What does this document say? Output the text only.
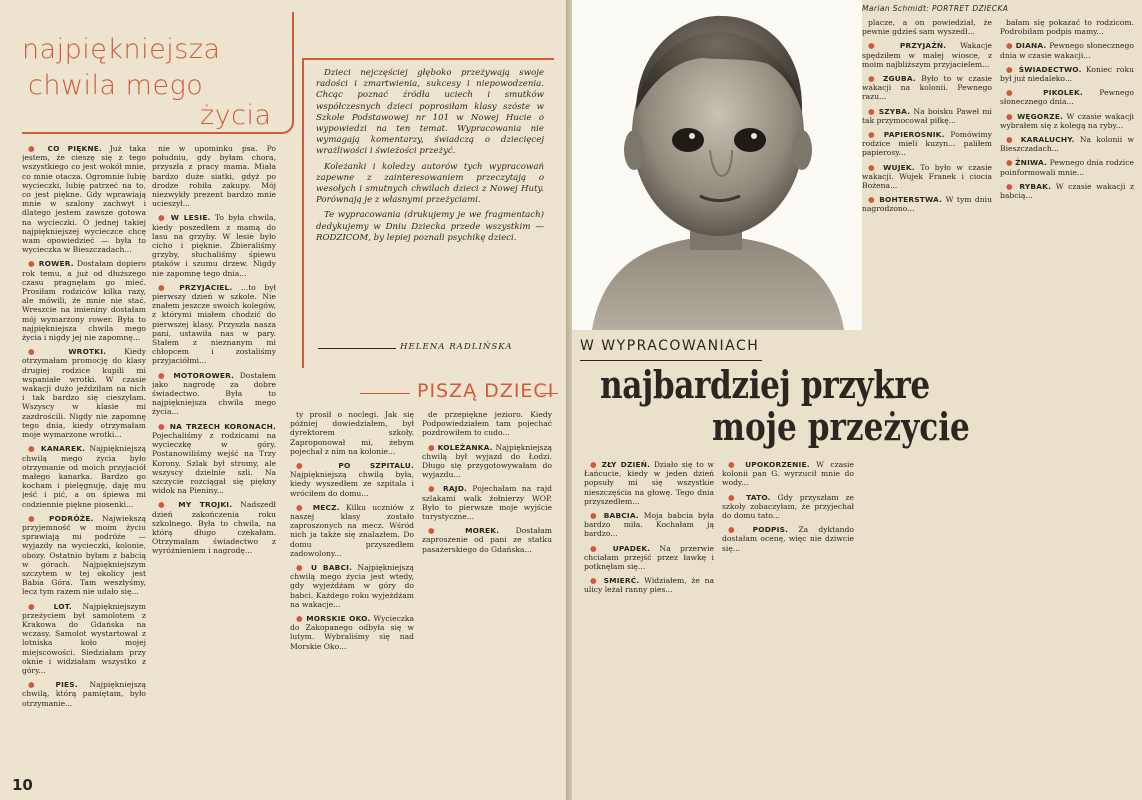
najpiękniejsza
chwila mego
życia

● CO PIĘKNE. Już taka jestem, że cieszę się z tego wszystkiego co jest wokół mnie, co mnie otacza. Ogromnie lubię wycieczki, lubię patrzeć na to, co jest piękne. Gdy wprawiają mnie w szalony zachwyt i dlatego jestem zawsze gotowa na wycieczki. O jednej takiej najpiękniejszej wycieczce chcę wam opowiedzieć — była to wycieczka w Bieszczadach...

● ROWER. Dostałam dopiero rok temu, a już od dłuższego czasu pragnęłam go mieć. Prosiłam rodziców kilka razy, ale mówili, że mnie nie stać. Wreszcie na imieniny dostałam mój wymarzony rower. Była to najpiękniejsza chwila mego życia i nigdy jej nie zapomnę...

● WROTKI. Kiedy otrzymałam promocję do klasy drugiej rodzice kupili mi wspaniałe wrotki. W czasie wakacji dużo jeździłam na nich i tak bardzo się cieszyłam. Wszyscy w klasie mi zazdrościli. Nigdy nie zapomnę tego dnia, kiedy otrzymałam moje wymarzone wrotki...

● KANAREK. Najpiękniejszą chwilą mego życia było otrzymanie od moich przyjaciół małego kanarka. Bardzo go kocham i pielęgnuję, daję mu jeść i pić, a on śpiewa mi codziennie piękne piosenki...

● PODRÓŻE. Najwiekszą przyjemność w moim życiu sprawiają mi podróże — wyjazdy na wycieczki, kolonie, obozy. Ostatnio byłam z babcią w górach. Najpiękniejszym szczytem w tej okolicy jest Babia Góra. Tam weszłyśmy, lecz tym razem nie udało się...

● LOT. Najpiękniejszym przeżyciem był samolotem z Krakowa do Gdańska na wczasy. Samolot wystartował z lotniska koło mojej miejscowości. Siedziałam przy oknie i widziałam wszystko z góry...

● PIES. Najpiękniejszą chwilą, którą pamiętam, było otrzymanie...

nie w upominku psa. Po południu, gdy byłam chora, przyszła z pracy mama. Miała bardzo duże siatki, gdyż po drodze robiła zakupy. Mój niezwykły prezent bardzo mnie ucieszył...

● W LESIE. To była chwila, kiedy poszedłem z mamą do lasu na grzyby. W lesie było cicho i pięknie. Zbieraliśmy grzyby, słuchaliśmy śpiewu ptaków i szumu drzew. Nigdy nie zapomnę tego dnia...

● PRZYJACIEL. ...to był pierwszy dzień w szkole. Nie znałem jeszcze swoich kolegów, z którymi miałem chodzić do pierwszej klasy. Przyszła nasza pani, ustawiła nas w pary. Stałem z nieznanym mi chłopcem i zostaliśmy przyjaciółmi...

● MOTOROWER. Dostałem jako nagrodę za dobre świadectwo. Była to najpiękniejsza chwila mego życia...

● NA TRZECH KORONACH. Pojechaliśmy z rodzicami na wycieczkę w góry. Postanowiliśmy wejść na Trzy Korony. Szlak był stromy, ale wszyscy dzielnie szli. Na szczycie rozciągał się piękny widok na Pieniny...

● MY TROJKI. Nadszedł dzień zakończenia roku szkolnego. Była to chwila, na którą długo czekałam. Otrzymałam świadectwo z wyróżnieniem i nagrodę...

Dzieci nejczęściej głęboko przeżywają swoje radości i zmartwienia, sukcesy i niepowodzenia. Chcąc poznać źródła uciech i smutków współczesnych dzieci poprosiłam klasy szóste w Szkole Podstawowej nr 101 w Nowej Hucie o wypowiedzi na ten temat. Wypracowania nie wymagają komentarzy, świadczą o dziecięcej wrażliwości i świeżości przeżyć.

Koleżanki i koledzy autorów tych wypracowań zapewne z zainteresowaniem przeczytają o wesołych i smutnych chwilach dzieci z Nowej Huty. Porównają je z własnymi przeżyciami.

Te wypracowania (drukujemy je we fragmentach) dedykujemy w Dniu Dziecka przede wszystkim — RODZICOM, by lepiej poznali psychikę dzieci.

HELENA RADLIŃSKA
PISZĄ DZIECI

ty prosił o noclegi. Jak się później dowiedziałem, był dyrektorem szkoły. Zaproponował mi, żebym pojechał z nim na kolonie...

●	PO SZPITALU. Najpiękniejszą chwilą była, kiedy wyszedłem ze szpitala i wróciłem do domu...

● MECZ. Kilku uczniów z naszej klasy zostało zaproszonych na mecz. Wśród nich ja także się znalazłem. Do domu przyszedłem zadowolony...

● U BABCI. Najpiękniejszą chwilą mego życia jest wtedy, gdy wyjeżdżam w góry do babci. Każdego roku wyjeżdżam na wakacje...

● MORSKIE OKO. Wycieczka do Zakopanego odbyła się w lutym. Wybraliśmy się nad Morskie Oko...

de przepiękne jezioro. Kiedy Podpowiedziałem tam pojechać pozdrowiłem to cudo...

● KOLEŻANKA. Najpiękniejszą chwilą był wyjazd do Łodzi. Długo się przygotowywałam do wyjazdu...

● RAJD. Pojechałam na rajd szlakami walk żołnierzy WOP. Było to pierwsze moje wyjście turystyczne...

● MOREK. Dostałam zaproszenie od pani ze statku pasażerskiego do Gdańska...

10
Marian Schmidt: PORTRET DZIECKA

placze, a on powiedział, że pewnie gdzieś sam wyszedł...

● PRZYJAŹŃ. Wakacje spędziłem w małej wiosce, z moim najbliższym przyjacielem...

● ZGUBA. Było to w czasie wakacji na kolonii. Pewnego razu...

● SZYBA. Na boisku Paweł mi tak przymocował piłkę...

● PAPIEROSNIK. Pomówimy rodzice mieli kuzyn... paliłem papierosy...

● WUJEK. To było w czasie wakacji. Wujek Franek i ciocia Bożena...

● BOHTERSTWA. W tym dniu nagrodzono...

bałam się pokazać to rodzicom. Podrobiłam podpis mamy...

● DIANA. Pewnego słonecznego dnia w czasie wakacji...

● ŚWIADECTWO. Koniec roku był już niedaleko...

● PIKOLEK. Pewnego słonecznego dnia...

● WĘGORZE. W czasie wakacji wybrałem się z kolegą na ryby...

● KARALUCHY. Na kolonii w Bieszczadach...

● ŻNIWA. Pewnego dnia rodzice poinformowali mnie...

● RYBAK. W czasie wakacji z babcią...

W WYPRACOWANIACH
najbardziej przykre
moje przeżycie

● ZŁY DZIEŃ. Działo się to w Łańcucie, kiedy w jeden dzień popsuły mi się wszystkie nieszczęścia na głowę. Tego dnia przyszedłem...

● BABCIA. Moja babcia była bardzo miła. Kochałam ją bardzo...

● UPADEK. Na przerwie chciałam przejść przez ławkę i potknęłam się...

● SMIERĆ. Widziałem, że na ulicy leżał ranny pies...

● UPOKORZENIE. W czasie kolonii pan G. wyrzucił mnie do wody...

● TATO. Gdy przyszłam ze szkoły zobaczyłam, że przyjechał do domu tato...

● PODPIS. Za dyktando dostałam ocenę, więc nie dziwcie się...
